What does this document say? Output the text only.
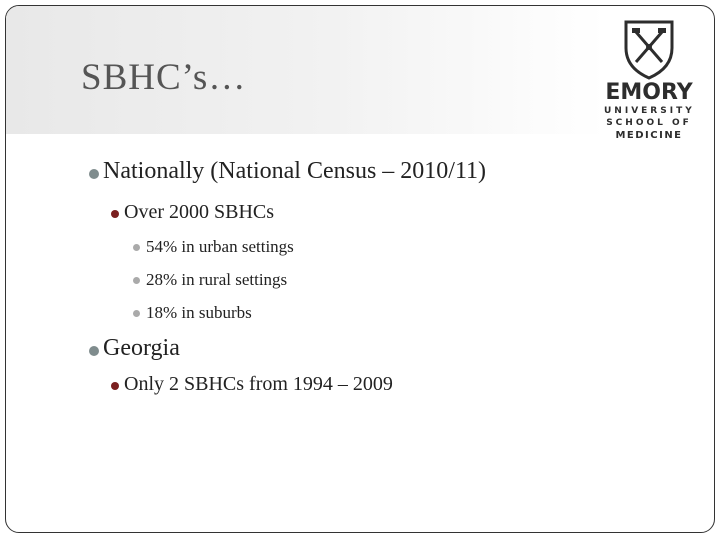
SBHC’s…	EMORY
UNIVERSITY
SCHOOL OF
MEDICINE
Nationally (National Census – 2010/11)
Over 2000 SBHCs
54% in urban settings
28% in rural settings
18% in suburbs
Georgia
Only 2 SBHCs from 1994 – 2009
